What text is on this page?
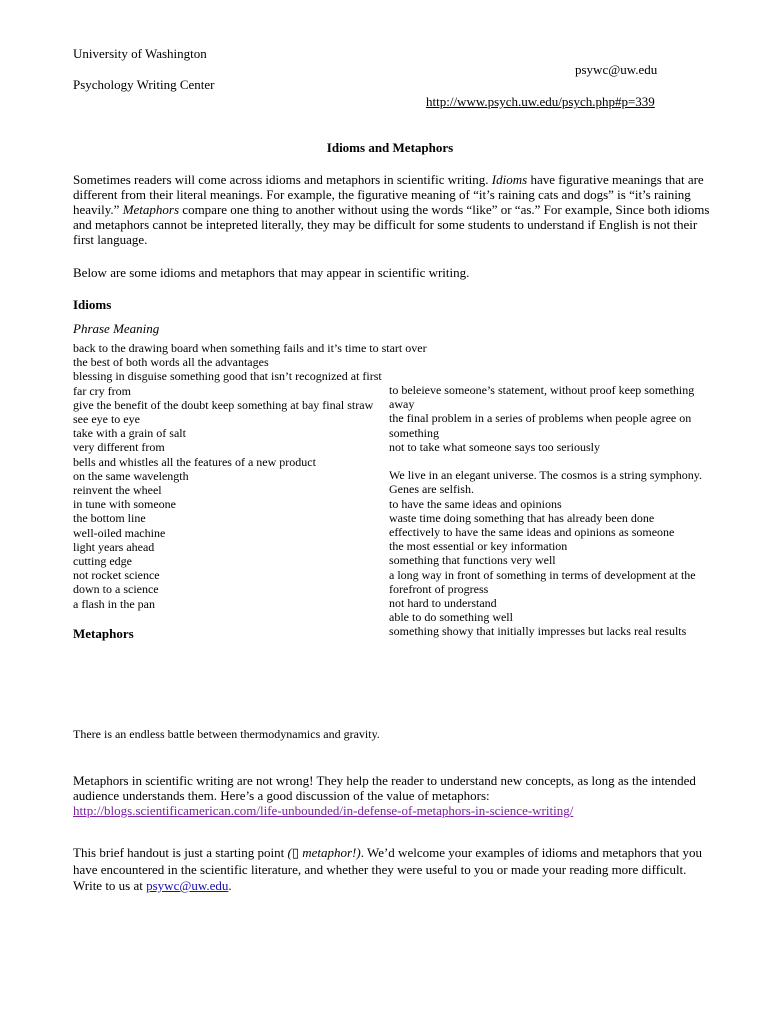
University of Washington
psywc@uw.edu
Psychology Writing Center
http://www.psych.uw.edu/psych.php#p=339
Idioms and Metaphors
Sometimes readers will come across idioms and metaphors in scientific writing. Idioms have figurative meanings that are different from their literal meanings. For example, the figurative meaning of “it’s raining cats and dogs” is “it’s raining heavily.” Metaphors compare one thing to another without using the words “like” or “as.” For example, Since both idioms and metaphors cannot be intepreted literally, they may be difficult for some students to understand if English is not their first language.
Below are some idioms and metaphors that may appear in scientific writing.
Idioms
Phrase Meaning
back to the drawing board when something fails and it’s time to start over
the best of both words all the advantages
blessing in disguise something good that isn’t recognized at first
far cry from
give the benefit of the doubt keep something at bay final straw
see eye to eye
take with a grain of salt
very different from
bells and whistles all the features of a new product
on the same wavelength
reinvent the wheel
in tune with someone
the bottom line
well-oiled machine
light years ahead
cutting edge
not rocket science
down to a science
a flash in the pan
to beleieve someone’s statement, without proof keep something
away
the final problem in a series of problems when people agree on
something
not to take what someone says too seriously
We live in an elegant universe. The cosmos is a string symphony.
Genes are selfish.
to have the same ideas and opinions
waste time doing something that has already been done
effectively to have the same ideas and opinions as someone
the most essential or key information
something that functions very well
a long way in front of something in terms of development at the
forefront of progress
not hard to understand
able to do something well
something showy that initially impresses but lacks real results
Metaphors
There is an endless battle between thermodynamics and gravity.
Metaphors in scientific writing are not wrong! They help the reader to understand new concepts, as long as the intended audience understands them. Here’s a good discussion of the value of metaphors:
http://blogs.scientificamerican.com/life-unbounded/in-defense-of-metaphors-in-science-writing/
This brief handout is just a starting point (▯ metaphor!). We’d welcome your examples of idioms and metaphors that you have encountered in the scientific literature, and whether they were useful to you or made your reading more difficult. Write to us at psywc@uw.edu.
